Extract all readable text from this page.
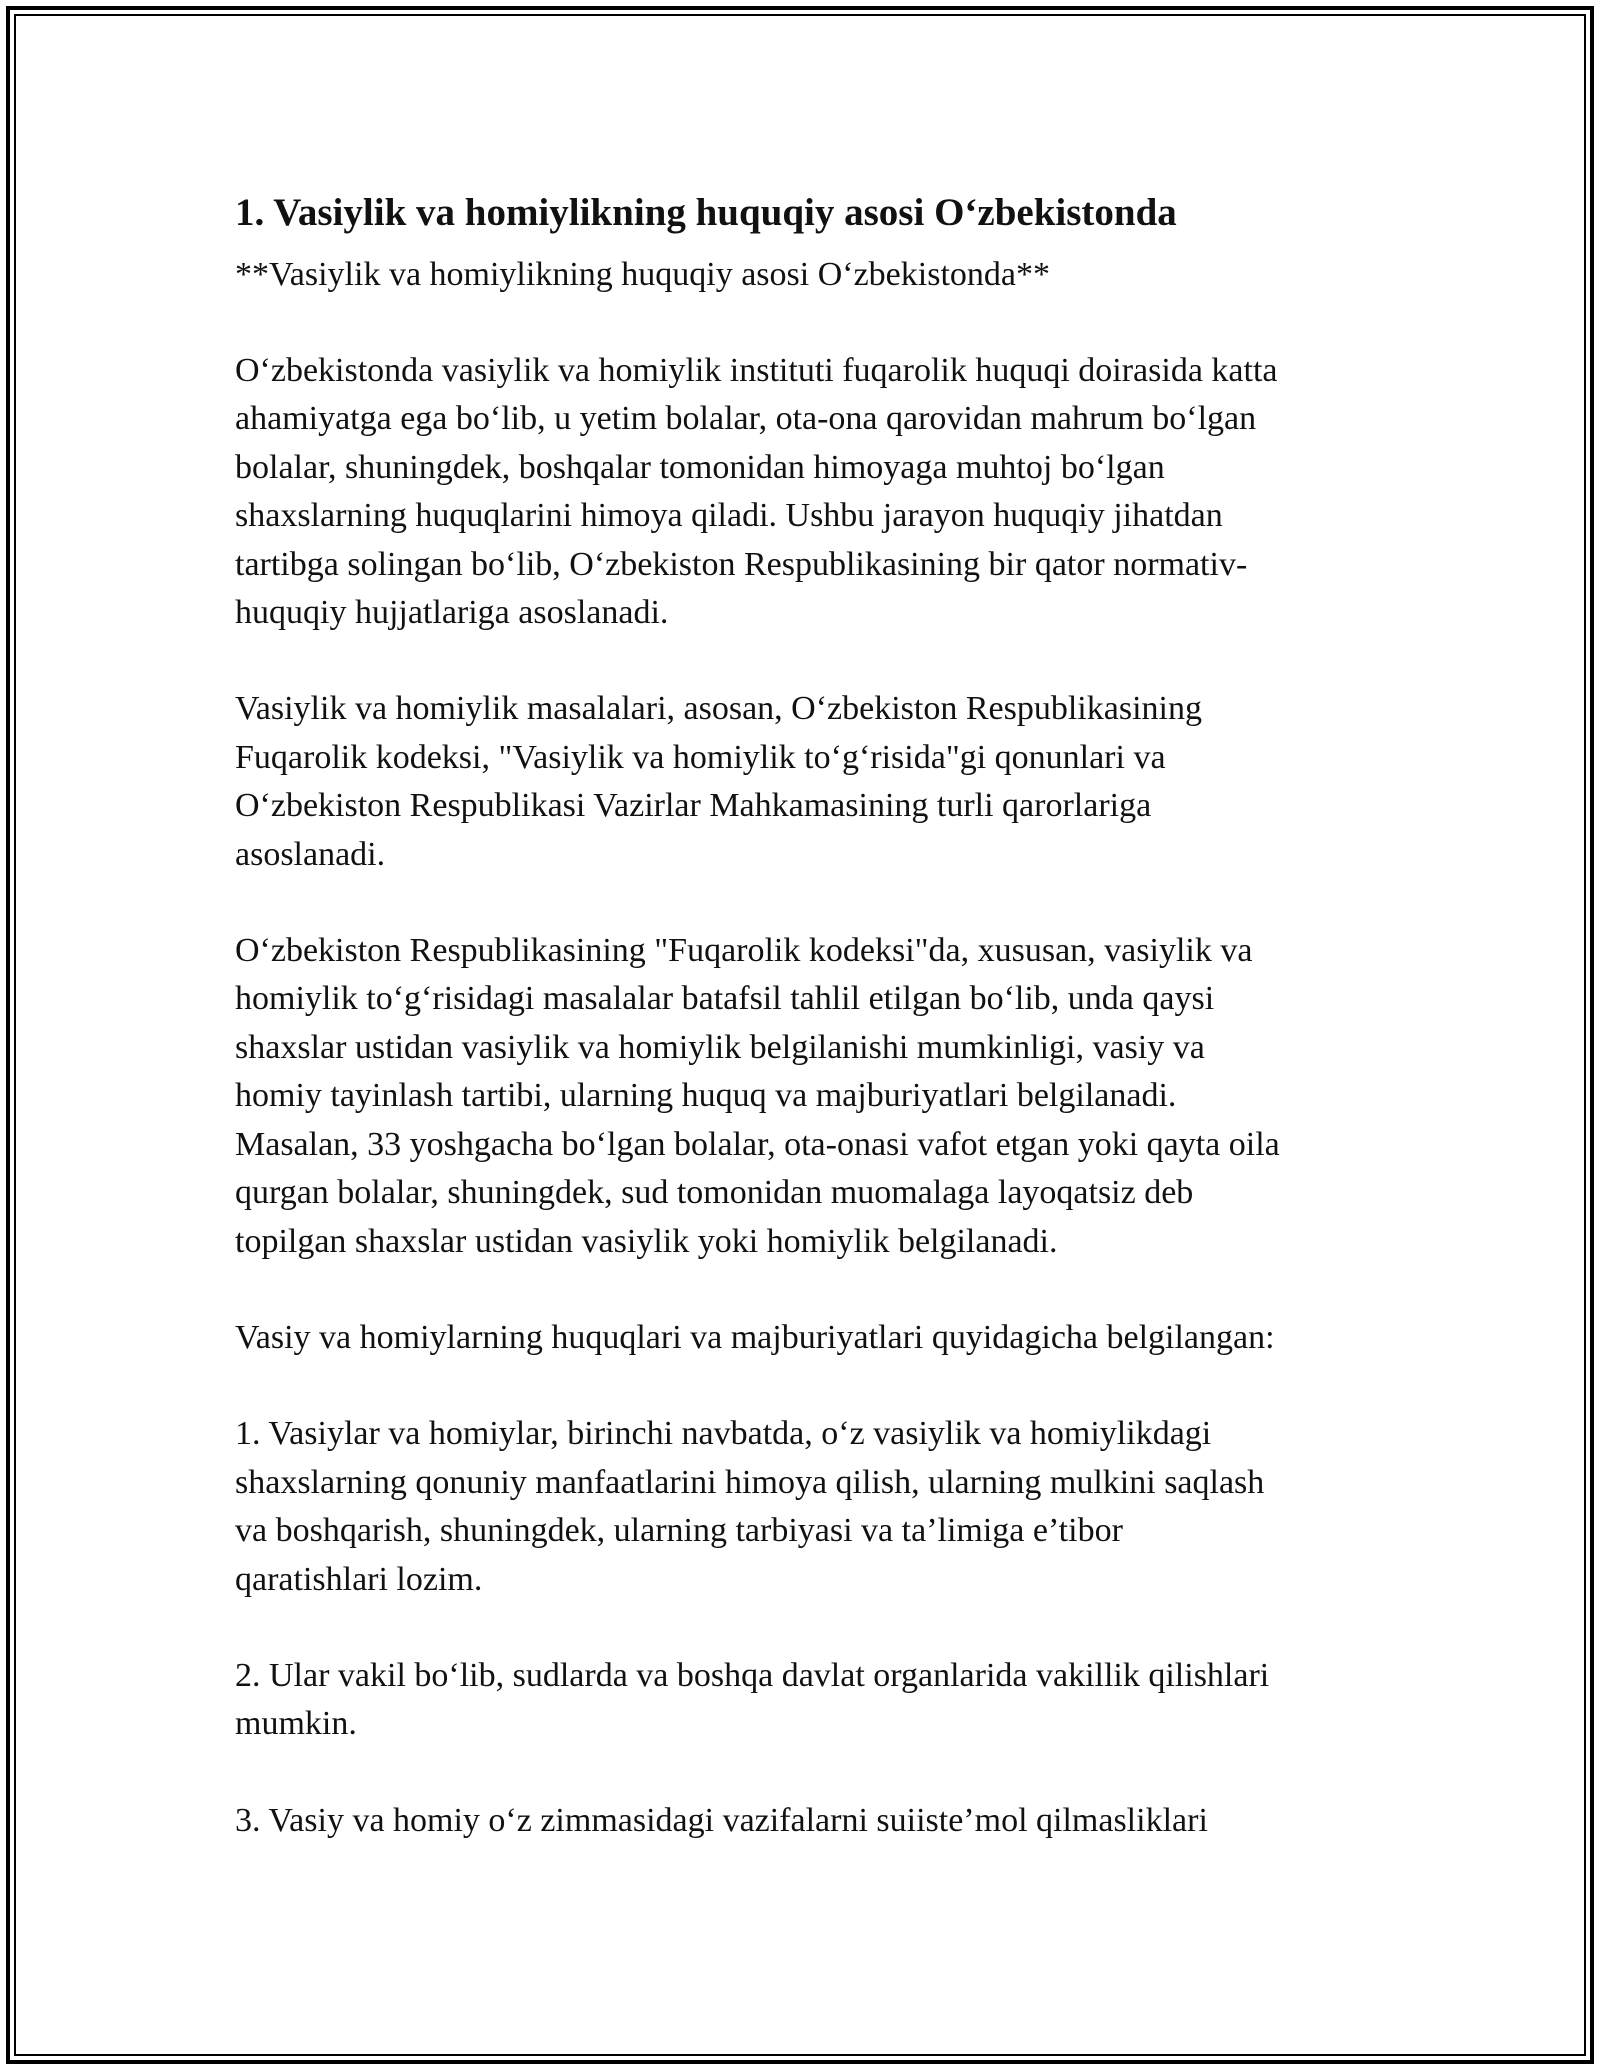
1. Vasiylik va homiylikning huquqiy asosi O‘zbekistonda

**Vasiylik va homiylikning huquqiy asosi O‘zbekistonda**

O‘zbekistonda vasiylik va homiylik instituti fuqarolik huquqi doirasida katta
ahamiyatga ega bo‘lib, u yetim bolalar, ota-ona qarovidan mahrum bo‘lgan
bolalar, shuningdek, boshqalar tomonidan himoyaga muhtoj bo‘lgan
shaxslarning huquqlarini himoya qiladi. Ushbu jarayon huquqiy jihatdan
tartibga solingan bo‘lib, O‘zbekiston Respublikasining bir qator normativ-
huquqiy hujjatlariga asoslanadi.

Vasiylik va homiylik masalalari, asosan, O‘zbekiston Respublikasining
Fuqarolik kodeksi, "Vasiylik va homiylik to‘g‘risida"gi qonunlari va
O‘zbekiston Respublikasi Vazirlar Mahkamasining turli qarorlariga
asoslanadi.

O‘zbekiston Respublikasining "Fuqarolik kodeksi"da, xususan, vasiylik va
homiylik to‘g‘risidagi masalalar batafsil tahlil etilgan bo‘lib, unda qaysi
shaxslar ustidan vasiylik va homiylik belgilanishi mumkinligi, vasiy va
homiy tayinlash tartibi, ularning huquq va majburiyatlari belgilanadi.
Masalan, 33 yoshgacha bo‘lgan bolalar, ota-onasi vafot etgan yoki qayta oila
qurgan bolalar, shuningdek, sud tomonidan muomalaga layoqatsiz deb
topilgan shaxslar ustidan vasiylik yoki homiylik belgilanadi.

Vasiy va homiylarning huquqlari va majburiyatlari quyidagicha belgilangan:

1. Vasiylar va homiylar, birinchi navbatda, o‘z vasiylik va homiylikdagi
shaxslarning qonuniy manfaatlarini himoya qilish, ularning mulkini saqlash
va boshqarish, shuningdek, ularning tarbiyasi va ta’limiga e’tibor
qaratishlari lozim.

2. Ular vakil bo‘lib, sudlarda va boshqa davlat organlarida vakillik qilishlari
mumkin.

3. Vasiy va homiy o‘z zimmasidagi vazifalarni suiiste’mol qilmasliklari
